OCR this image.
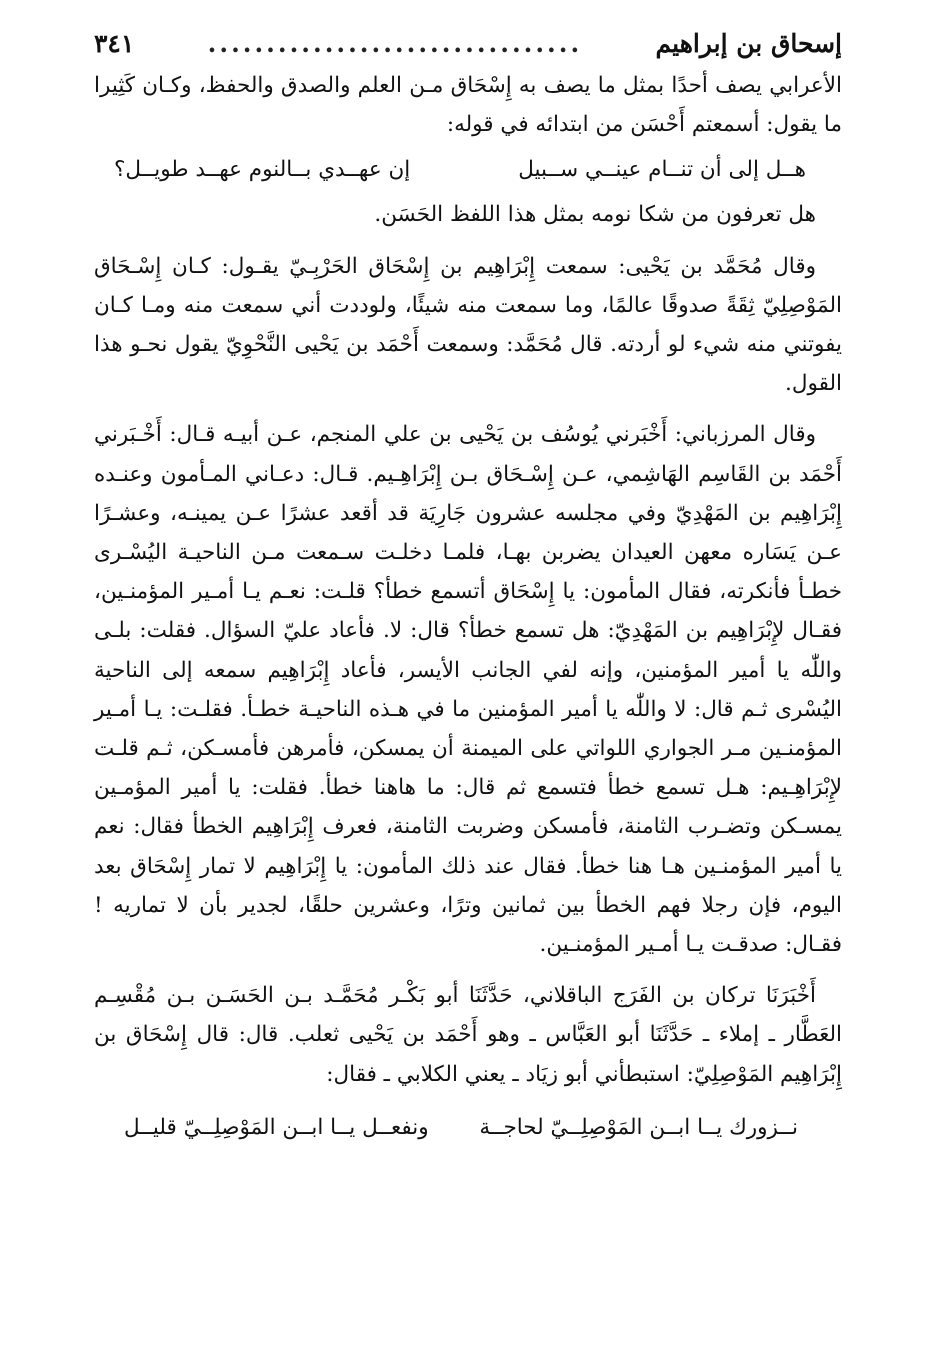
إسحاق بن إبراهيم
................................
٣٤١

الأعرابي يصف أحدًا بمثل ما يصف به إِسْحَاق مـن العلم والصدق والحفظ، وكـان كَثِيرا ما يقول: أسمعتم أَحْسَن من ابتدائه في قوله:

هــل إلى أن تنــام عينــي ســبيل
إن عهــدي بــالنوم عهــد طويــل؟

هل تعرفون من شكا نومه بمثل هذا اللفظ الحَسَن.

وقال مُحَمَّد بن يَحْيى: سمعت إِبْرَاهِيم بن إِسْحَاق الحَرْبِـيّ يقـول: كـان إِسْـحَاق المَوْصِلِيّ ثِقَةً صدوقًا عالمًا، وما سمعت منه شيئًا، ولوددت أني سمعت منه ومـا كـان يفوتني منه شيء لو أردته. قال مُحَمَّد: وسمعت أَحْمَد بن يَحْيى النَّحْوِيّ يقول نحـو هذا القول.

وقال المرزباني: أَخْبَرني يُوسُف بن يَحْيى بن علي المنجم، عـن أبيـه قـال: أَخْـبَرني أَحْمَد بن القَاسِم الهَاشِمي، عـن إِسْـحَاق بـن إِبْرَاهِـيم. قـال: دعـاني المـأمون وعنـده إِبْرَاهِيم بن المَهْدِيّ وفي مجلسه عشرون جَارِيَة قد أقعد عشرًا عـن يمينـه، وعشـرًا عـن يَسَاره معهن العيدان يضربن بهـا، فلمـا دخلـت سـمعت مـن الناحيـة اليُسْـرى خطـأ فأنكرته، فقال المأمون: يا إِسْحَاق أتسمع خطأ؟ قلـت: نعـم يـا أمـير المؤمنـين، فقـال لإِبْرَاهِيم بن المَهْدِيّ: هل تسمع خطأ؟ قال: لا. فأعاد عليّ السؤال. فقلت: بلـى واللّٰه يا أمير المؤمنين، وإنه لفي الجانب الأيسر، فأعاد إِبْرَاهِيم سمعه إلى الناحية اليُسْرى ثـم قال: لا واللّٰه يا أمير المؤمنين ما في هـذه الناحيـة خطـأ. فقلـت: يـا أمـير المؤمنـين مـر الجواري اللواتي على الميمنة أن يمسكن، فأمرهن فأمسـكن، ثـم قلـت لإِبْرَاهِـيم: هـل تسمع خطأ فتسمع ثم قال: ما هاهنا خطأ. فقلت: يا أمير المؤمـين يمسـكن وتضـرب الثامنة، فأمسكن وضربت الثامنة، فعرف إِبْرَاهِيم الخطأ فقال: نعم يا أمير المؤمنـين هـا هنا خطأ. فقال عند ذلك المأمون: يا إِبْرَاهِيم لا تمار إِسْحَاق بعد اليوم، فإن رجلا فهم الخطأ بين ثمانين وترًا، وعشرين حلقًا، لجدير بأن لا تماريه ! فقـال: صدقـت يـا أمـير المؤمنـين.

أَخْبَرَنَا تركان بن الفَرَج الباقلاني، حَدَّثَنَا أبو بَكْـر مُحَمَّـد بـن الحَسَـن بـن مُقْسِـم العَطَّار ـ إملاء ـ حَدَّثَنَا أبو العَبَّاس ـ وهو أَحْمَد بن يَحْيى ثعلب. قال: قال إِسْحَاق بن إِبْرَاهِيم المَوْصِلِيّ: استبطأني أبو زيَاد ـ يعني الكلابي ـ فقال:

نــزورك يــا ابــن المَوْصِلِــيّ لحاجــة
ونفعــل يــا ابــن المَوْصِلِــيّ قليــل
